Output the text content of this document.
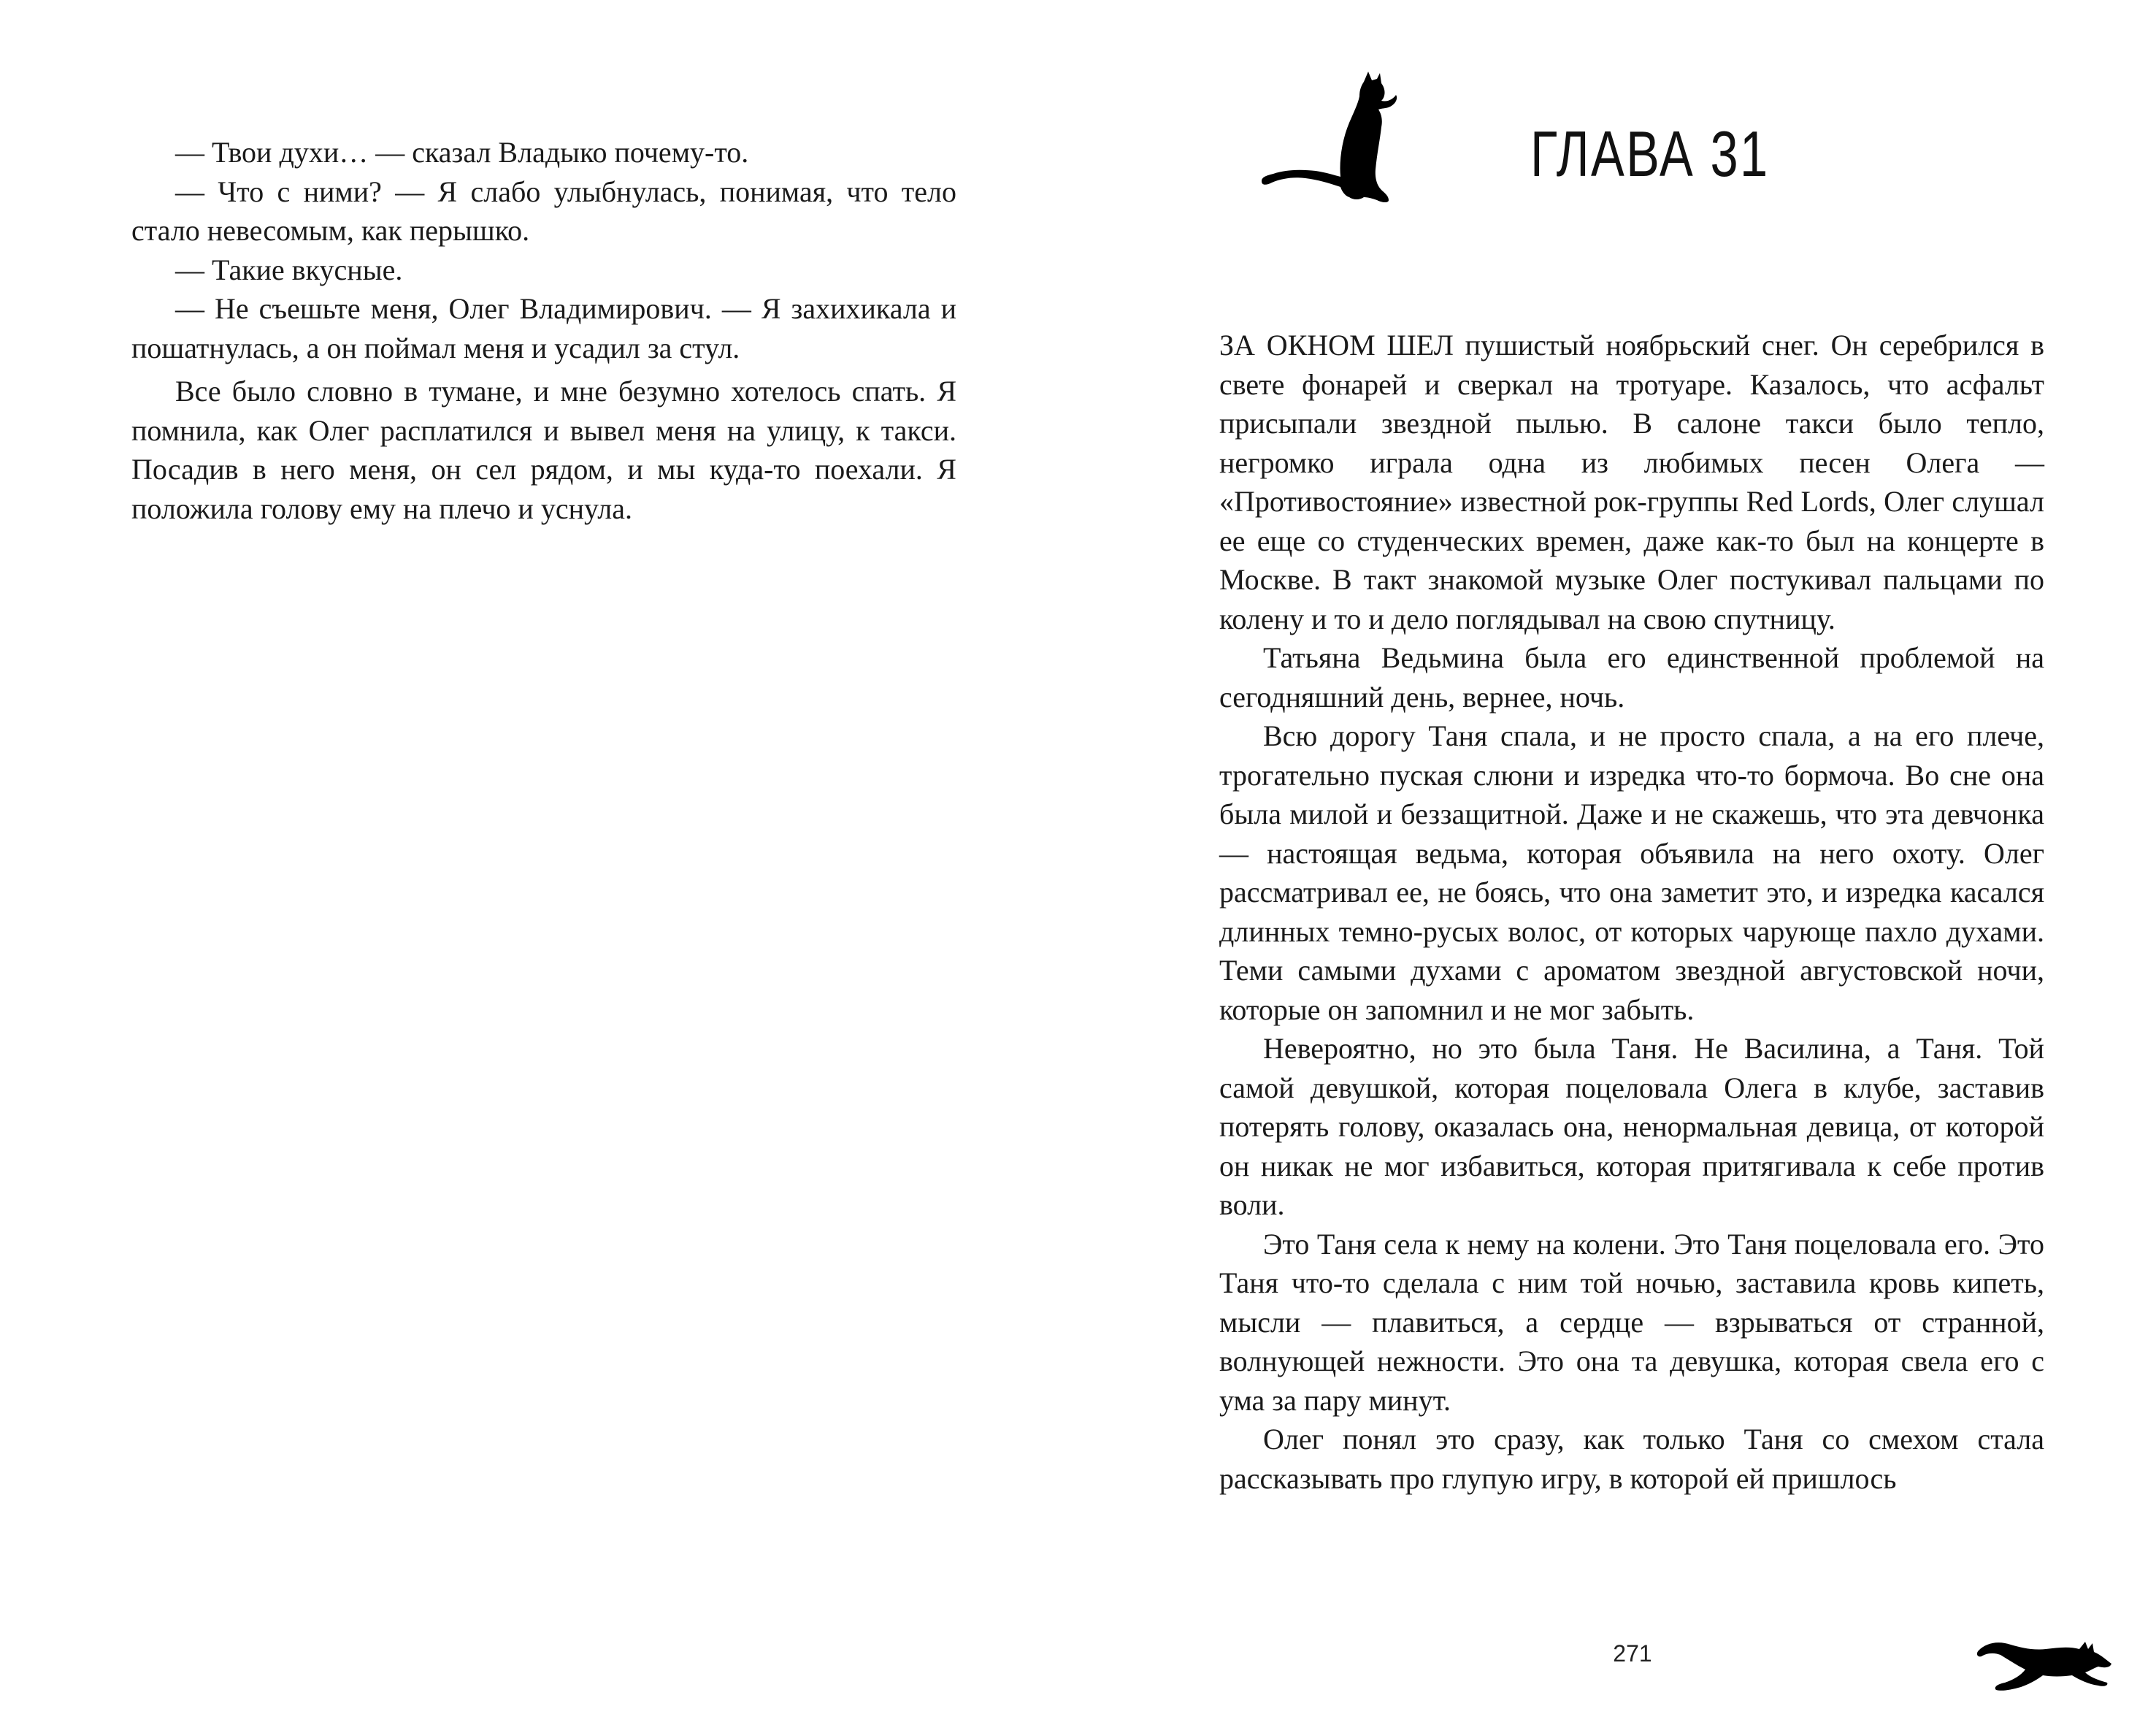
— Твои духи… — сказал Владыко почему-то.

— Что с ними? — Я слабо улыбнулась, понимая, что тело стало невесомым, как перышко.

— Такие вкусные.

— Не съешьте меня, Олег Владимирович. — Я захихикала и пошатнулась, а он поймал меня и усадил за стул.

Все было словно в тумане, и мне безумно хотелось спать. Я помнила, как Олег расплатился и вывел меня на улицу, к такси. Посадив в него меня, он сел рядом, и мы куда-то поехали. Я положила голову ему на плечо и уснула.

ГЛАВА 31

ЗА ОКНОМ ШЕЛ пушистый ноябрьский снег. Он серебрился в свете фонарей и сверкал на тротуаре. Казалось, что асфальт присыпали звездной пылью. В салоне такси было тепло, негромко играла одна из любимых песен Олега — «Противостояние» известной рок-группы Red Lords, Олег слушал ее еще со студенческих времен, даже как-то был на концерте в Москве. В такт знакомой музыке Олег постукивал пальцами по колену и то и дело поглядывал на свою спутницу.

Татьяна Ведьмина была его единственной проблемой на сегодняшний день, вернее, ночь.

Всю дорогу Таня спала, и не просто спала, а на его плече, трогательно пуская слюни и изредка что-то бормоча. Во сне она была милой и беззащитной. Даже и не скажешь, что эта девчонка — настоящая ведьма, которая объявила на него охоту. Олег рассматривал ее, не боясь, что она заметит это, и изредка касался длинных темно-русых волос, от которых чарующе пахло духами. Теми самыми духами с ароматом звездной августовской ночи, которые он запомнил и не мог забыть.

Невероятно, но это была Таня. Не Василина, а Таня. Той самой девушкой, которая поцеловала Олега в клубе, заставив потерять голову, оказалась она, ненормальная девица, от которой он никак не мог избавиться, которая притягивала к себе против воли.

Это Таня села к нему на колени. Это Таня поцеловала его. Это Таня что-то сделала с ним той ночью, заставила кровь кипеть, мысли — плавиться, а сердце — взрываться от странной, волнующей нежности. Это она та девушка, которая свела его с ума за пару минут.

Олег понял это сразу, как только Таня со смехом стала рассказывать про глупую игру, в которой ей пришлось

271
